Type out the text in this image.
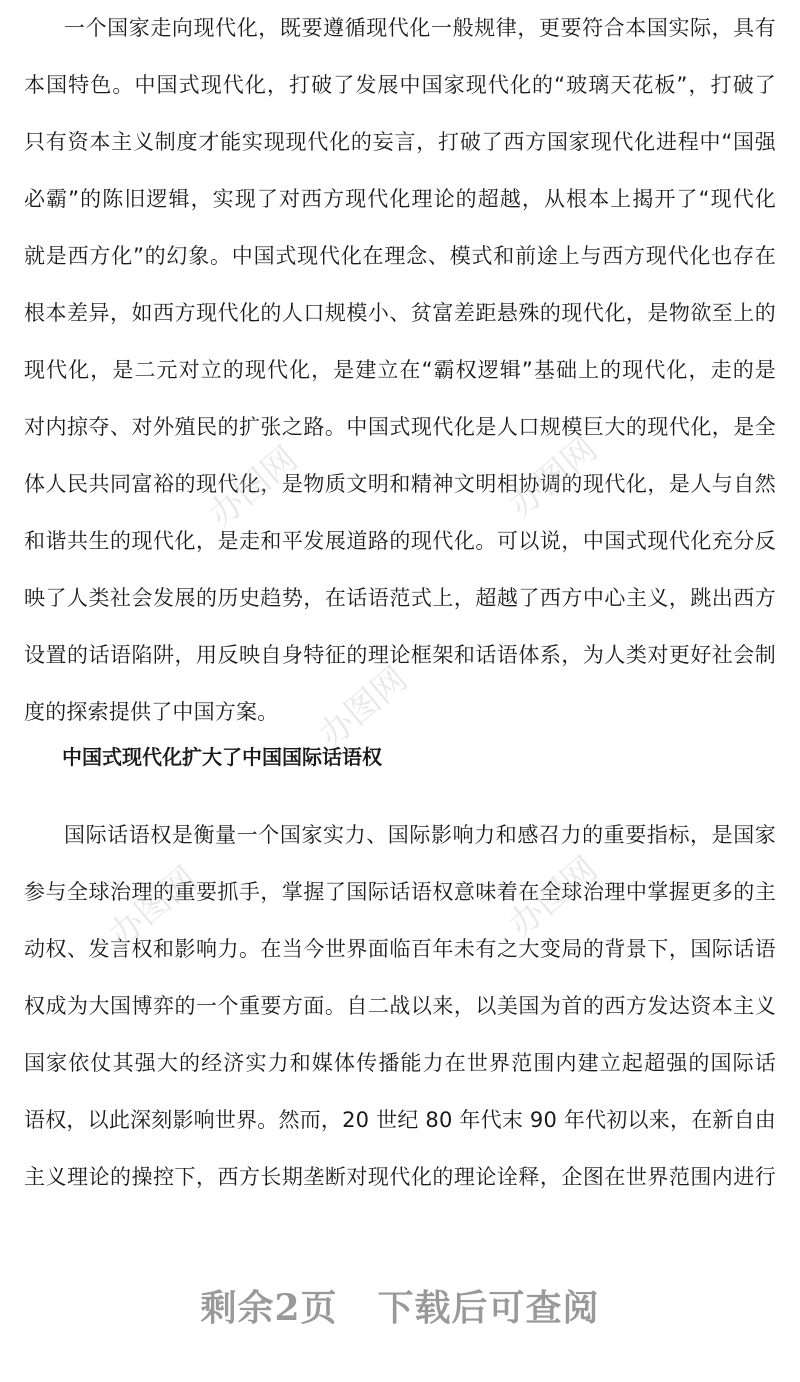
一个国家走向现代化，既要遵循现代化一般规律，更要符合本国实际，具有
本国特色。中国式现代化，打破了发展中国家现代化的“玻璃天花板”，打破了
只有资本主义制度才能实现现代化的妄言，打破了西方国家现代化进程中“国强
必霸”的陈旧逻辑，实现了对西方现代化理论的超越，从根本上揭开了“现代化
就是西方化”的幻象。中国式现代化在理念、模式和前途上与西方现代化也存在
根本差异，如西方现代化的人口规模小、贫富差距悬殊的现代化，是物欲至上的
现代化，是二元对立的现代化，是建立在“霸权逻辑”基础上的现代化，走的是
对内掠夺、对外殖民的扩张之路。中国式现代化是人口规模巨大的现代化，是全
体人民共同富裕的现代化，是物质文明和精神文明相协调的现代化，是人与自然
和谐共生的现代化，是走和平发展道路的现代化。可以说，中国式现代化充分反
映了人类社会发展的历史趋势，在话语范式上，超越了西方中心主义，跳出西方
设置的话语陷阱，用反映自身特征的理论框架和话语体系，为人类对更好社会制
度的探索提供了中国方案。
中国式现代化扩大了中国国际话语权
国际话语权是衡量一个国家实力、国际影响力和感召力的重要指标，是国家
参与全球治理的重要抓手，掌握了国际话语权意味着在全球治理中掌握更多的主
动权、发言权和影响力。在当今世界面临百年未有之大变局的背景下，国际话语
权成为大国博弈的一个重要方面。自二战以来，以美国为首的西方发达资本主义
国家依仗其强大的经济实力和媒体传播能力在世界范围内建立起超强的国际话
语权，以此深刻影响世界。然而，20 世纪 80 年代末 90 年代初以来，在新自由
主义理论的操控下，西方长期垄断对现代化的理论诠释，企图在世界范围内进行
办图网	办图网
办图网
办图网	办图网
剩余2页 下载后可查阅
